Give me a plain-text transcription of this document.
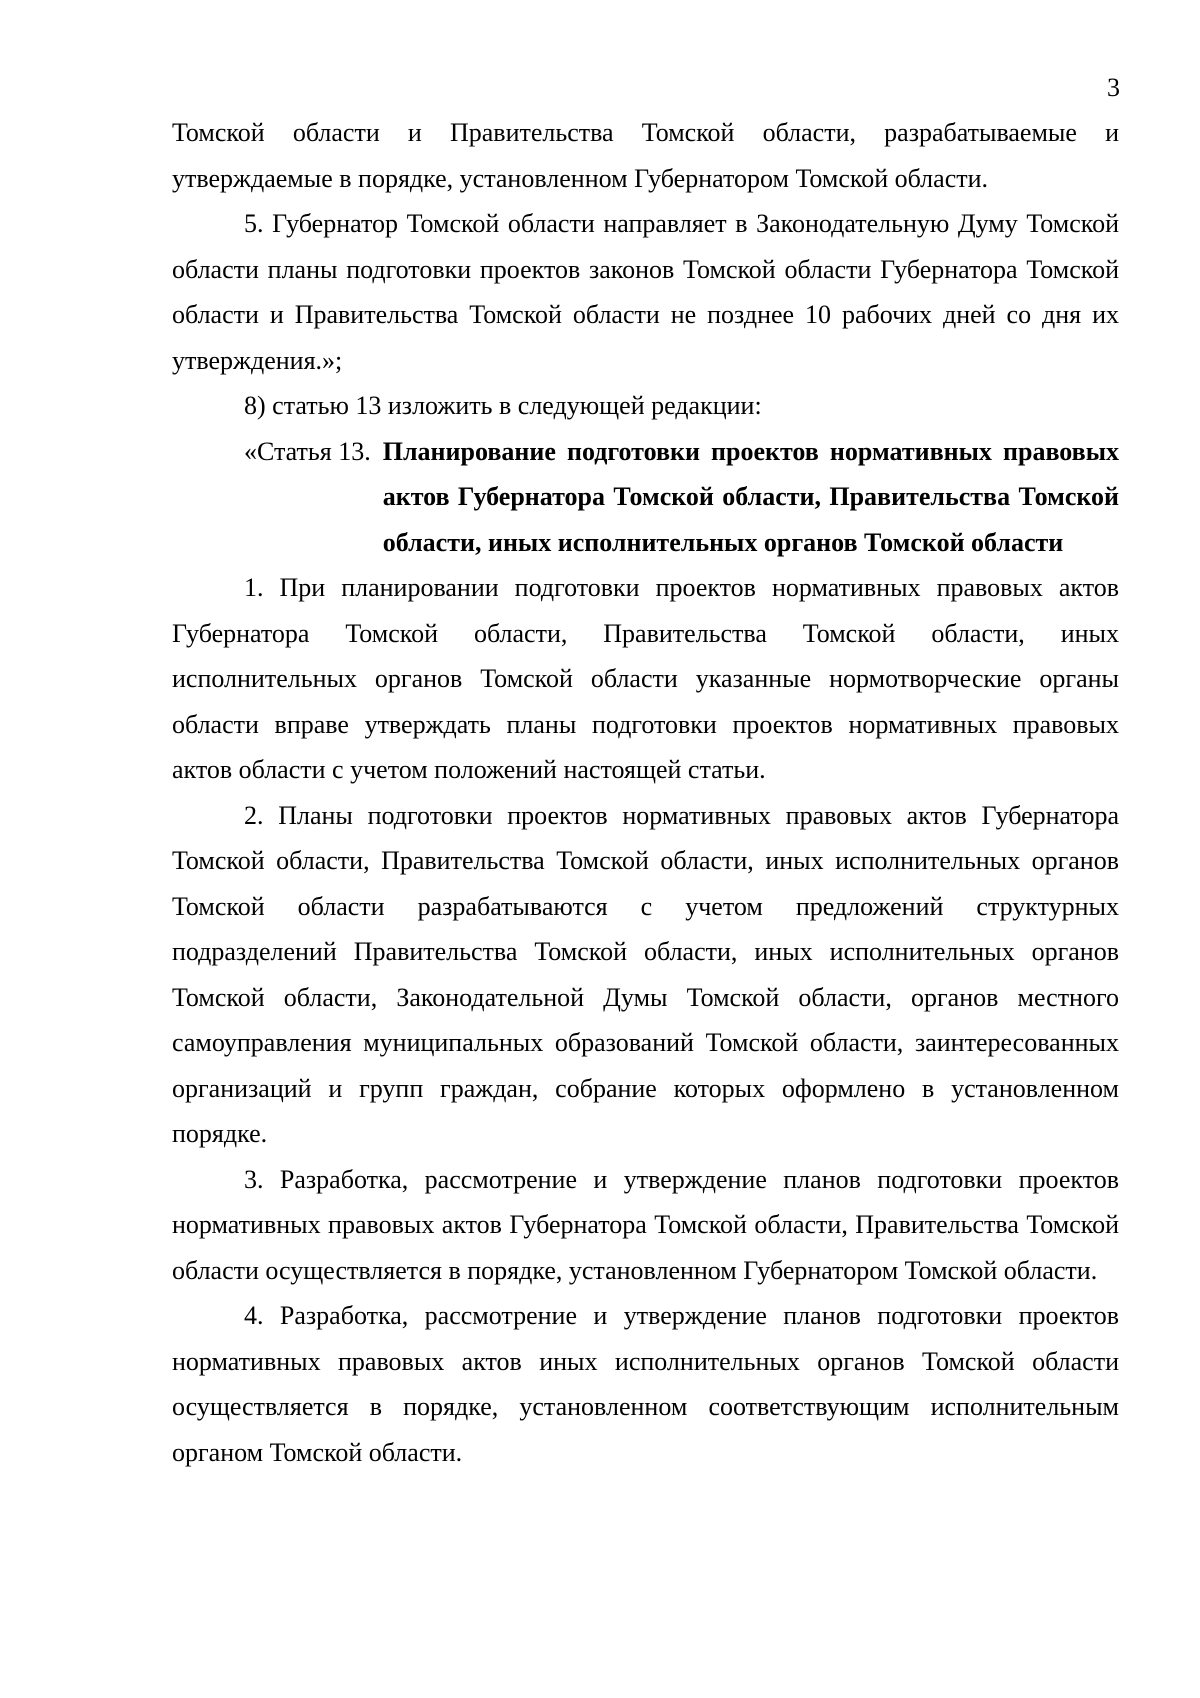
3

Томской области и Правительства Томской области, разрабатываемые и утверждаемые в порядке, установленном Губернатором Томской области.

5. Губернатор Томской области направляет в Законодательную Думу Томской области планы подготовки проектов законов Томской области Губернатора Томской области и Правительства Томской области не позднее 10 рабочих дней со дня их утверждения.»;

8) статью 13 изложить в следующей редакции:

«Статья 13. Планирование подготовки проектов нормативных правовых актов Губернатора Томской области, Правительства Томской области, иных исполнительных органов Томской области

1. При планировании подготовки проектов нормативных правовых актов Губернатора Томской области, Правительства Томской области, иных исполнительных органов Томской области указанные нормотворческие органы области вправе утверждать планы подготовки проектов нормативных правовых актов области с учетом положений настоящей статьи.

2. Планы подготовки проектов нормативных правовых актов Губернатора Томской области, Правительства Томской области, иных исполнительных органов Томской области разрабатываются с учетом предложений структурных подразделений Правительства Томской области, иных исполнительных органов Томской области, Законодательной Думы Томской области, органов местного самоуправления муниципальных образований Томской области, заинтересованных организаций и групп граждан, собрание которых оформлено в установленном порядке.

3. Разработка, рассмотрение и утверждение планов подготовки проектов нормативных правовых актов Губернатора Томской области, Правительства Томской области осуществляется в порядке, установленном Губернатором Томской области.

4. Разработка, рассмотрение и утверждение планов подготовки проектов нормативных правовых актов иных исполнительных органов Томской области осуществляется в порядке, установленном соответствующим исполнительным органом Томской области.
